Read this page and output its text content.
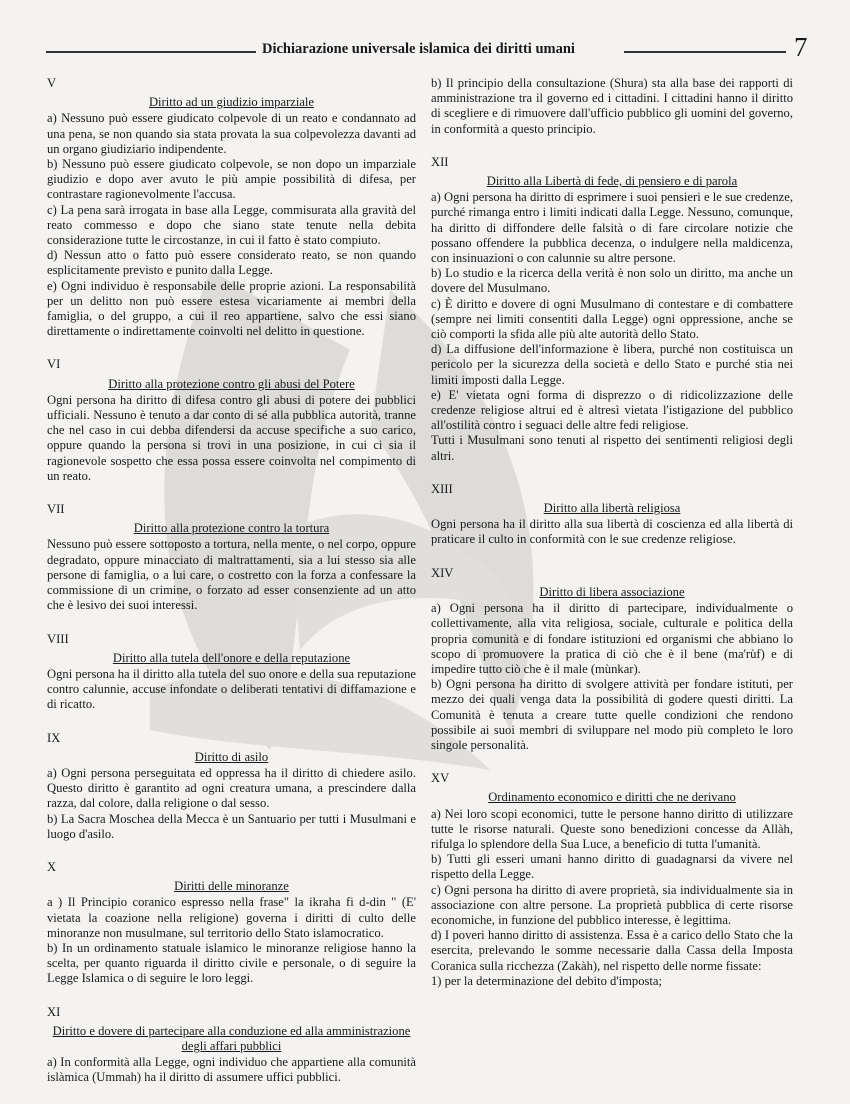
Dichiarazione universale islamica dei diritti umani	7
V
Diritto ad un giudizio imparziale
a) Nessuno può essere giudicato colpevole di un reato e condannato ad una pena, se non quando sia stata provata la sua colpevolezza davanti ad un organo giudiziario indipendente.
b) Nessuno può essere giudicato colpevole, se non dopo un imparziale giudizio e dopo aver avuto le più ampie possibilità di difesa, per contrastare ragionevolmente l'accusa.
c) La pena sarà irrogata in base alla Legge, commisurata alla gravità del reato commesso e dopo che siano state tenute nella debita considerazione tutte le circostanze, in cui il fatto è stato compiuto.
d) Nessun atto o fatto può essere considerato reato, se non quando esplicitamente previsto e punito dalla Legge.
e) Ogni individuo è responsabile delle proprie azioni. La responsabilità per un delitto non può essere estesa vicariamente ai membri della famiglia, o del gruppo, a cui il reo appartiene, salvo che essi siano direttamente o indirettamente coinvolti nel delitto in questione.
VI
Diritto alla protezione contro gli abusi del Potere
Ogni persona ha diritto di difesa contro gli abusi di potere dei pubblici ufficiali. Nessuno è tenuto a dar conto di sé alla pubblica autorità, tranne che nel caso in cui debba difendersi da accuse specifiche a suo carico, oppure quando la persona si trovi in una posizione, in cui ci sia il ragionevole sospetto che essa possa essere coinvolta nel compimento di un reato.
VII
Diritto alla protezione contro la tortura
Nessuno può essere sottoposto a tortura, nella mente, o nel corpo, oppure degradato, oppure minacciato di maltrattamenti, sia a lui stesso sia alle persone di famiglia, o a lui care, o costretto con la forza a confessare la commissione di un crimine, o forzato ad esser consenziente ad un atto che è lesivo dei suoi interessi.
VIII
Diritto alla tutela dell'onore e della reputazione
Ogni persona ha il diritto alla tutela del suo onore e della sua reputazione contro calunnie, accuse infondate o deliberati tentativi di diffamazione e di ricatto.
IX
Diritto di asilo
a) Ogni persona perseguitata ed oppressa ha il diritto di chiedere asilo. Questo diritto è garantito ad ogni creatura umana, a prescindere dalla razza, dal colore, dalla religione o dal sesso.
b) La Sacra Moschea della Mecca è un Santuario per tutti i Musulmani e luogo d'asilo.
X
Diritti delle minoranze
a ) Il Principio coranico espresso nella frase" la ikraha fi d-din " (E' vietata la coazione nella religione) governa i diritti di culto delle minoranze non musulmane, sul territorio dello Stato islamocratico.
b) In un ordinamento statuale islamico le minoranze religiose hanno la scelta, per quanto riguarda il diritto civile e personale, o di seguire la Legge Islamica o di seguire le loro leggi.
XI
Diritto e dovere di partecipare alla conduzione ed alla amministrazione degli affari pubblici
a) In conformità alla Legge, ogni individuo che appartiene alla comunità islàmica (Ummah) ha il diritto di assumere uffici pubblici.
b) Il principio della consultazione (Shura) sta alla base dei rapporti di amministrazione tra il governo ed i cittadini. I cittadini hanno il diritto di scegliere e di rimuovere dall'ufficio pubblico gli uomini del governo, in conformità a questo principio.
XII
Diritto alla Libertà di fede, di pensiero e di parola
a) Ogni persona ha diritto di esprimere i suoi pensieri e le sue credenze, purché rimanga entro i limiti indicati dalla Legge. Nessuno, comunque, ha diritto di diffondere delle falsità o di fare circolare notizie che possano offendere la pubblica decenza, o indulgere nella maldicenza, con insinuazioni o con calunnie su altre persone.
b) Lo studio e la ricerca della verità è non solo un diritto, ma anche un dovere del Musulmano.
c) È diritto e dovere di ogni Musulmano di contestare e di combattere (sempre nei limiti consentiti dalla Legge) ogni oppressione, anche se ciò comporti la sfida alle più alte autorità dello Stato.
d) La diffusione dell'informazione è libera, purché non costituisca un pericolo per la sicurezza della società e dello Stato e purché stia nei limiti imposti dalla Legge.
e) E' vietata ogni forma di disprezzo o di ridicolizzazione delle credenze religiose altrui ed è altresì vietata l'istigazione del pubblico all'ostilità contro i seguaci delle altre fedi religiose.
Tutti i Musulmani sono tenuti al rispetto dei sentimenti religiosi degli altri.
XIII
Diritto alla libertà religiosa
Ogni persona ha il diritto alla sua libertà di coscienza ed alla libertà di praticare il culto in conformità con le sue credenze religiose.
XIV
Diritto di libera associazione
a) Ogni persona ha il diritto di partecipare, individualmente o collettivamente, alla vita religiosa, sociale, culturale e politica della propria comunità e di fondare istituzioni ed organismi che abbiano lo scopo di promuovere la pratica di ciò che è il bene (ma'rùf) e di impedire tutto ciò che è il male (mùnkar).
b) Ogni persona ha diritto di svolgere attività per fondare istituti, per mezzo dei quali venga data la possibilità di godere questi diritti. La Comunità è tenuta a creare tutte quelle condizioni che rendono possibile ai suoi membri di sviluppare nel modo più completo le loro singole personalità.
XV
Ordinamento economico e diritti che ne derivano
a) Nei loro scopi economici, tutte le persone hanno diritto di utilizzare tutte le risorse naturali. Queste sono benedizioni concesse da Allàh, rifulga lo splendore della Sua Luce, a beneficio di tutta l'umanità.
b) Tutti gli esseri umani hanno diritto di guadagnarsi da vivere nel rispetto della Legge.
c) Ogni persona ha diritto di avere proprietà, sia individualmente sia in associazione con altre persone. La proprietà pubblica di certe risorse economiche, in funzione del pubblico interesse, è legittima.
d) I poveri hanno diritto di assistenza. Essa è a carico dello Stato che la esercita, prelevando le somme necessarie dalla Cassa della Imposta Coranica sulla ricchezza (Zakàh), nel rispetto delle norme fissate:
1) per la determinazione del debito d'imposta;
